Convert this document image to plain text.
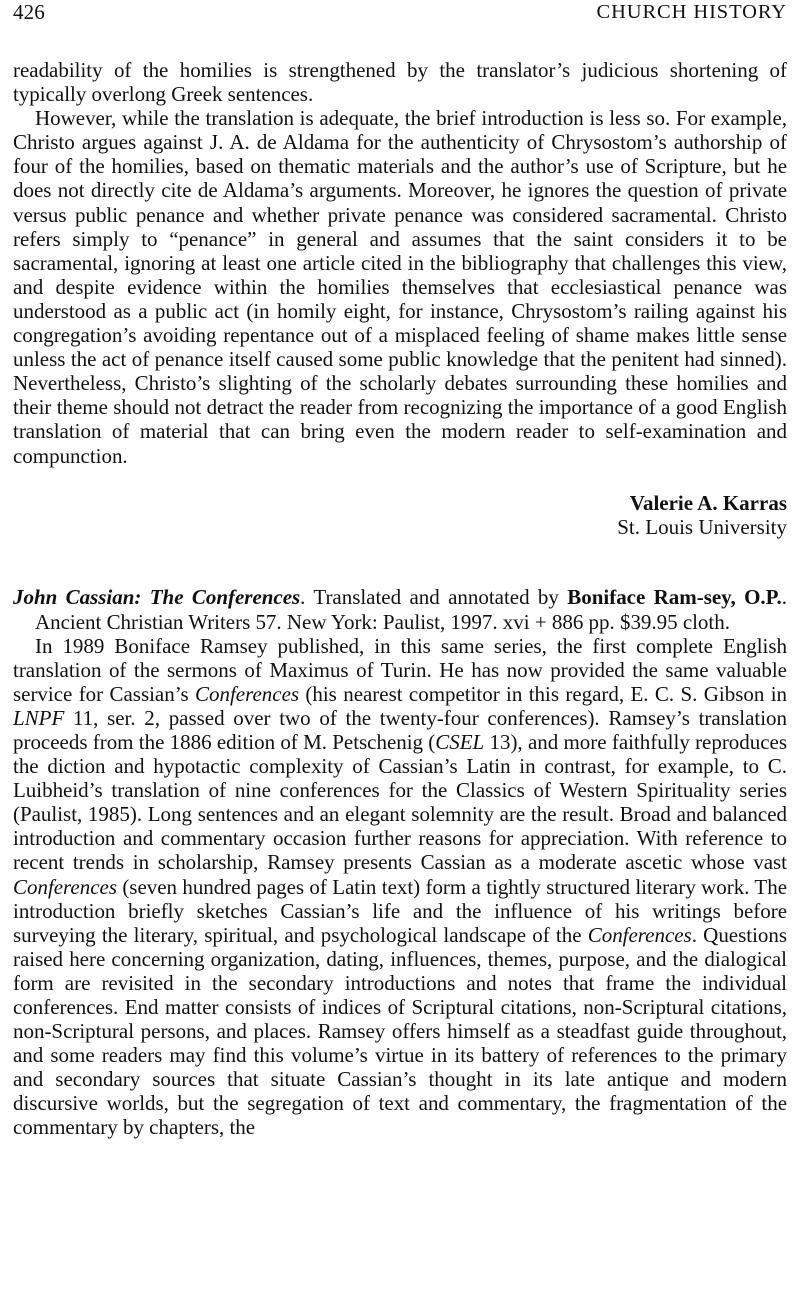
426	CHURCH HISTORY

readability of the homilies is strengthened by the translator’s judicious shortening of typically overlong Greek sentences.

However, while the translation is adequate, the brief introduction is less so. For example, Christo argues against J. A. de Aldama for the authenticity of Chrysostom’s authorship of four of the homilies, based on thematic materials and the author’s use of Scripture, but he does not directly cite de Aldama’s arguments. Moreover, he ignores the question of private versus public penance and whether private penance was considered sacramental. Christo refers simply to “penance” in general and assumes that the saint considers it to be sacramental, ignoring at least one article cited in the bibliography that challenges this view, and despite evidence within the homilies themselves that ecclesiastical penance was understood as a public act (in homily eight, for instance, Chrysostom’s railing against his congregation’s avoiding repentance out of a misplaced feeling of shame makes little sense unless the act of penance itself caused some public knowledge that the penitent had sinned). Nevertheless, Christo’s slighting of the scholarly debates surrounding these homilies and their theme should not detract the reader from recognizing the importance of a good English translation of material that can bring even the modern reader to self-examination and compunction.

Valerie A. Karras
St. Louis University
John Cassian: The Conferences. Translated and annotated by Boniface Ram-sey, O.P.. Ancient Christian Writers 57. New York: Paulist, 1997. xvi + 886 pp. $39.95 cloth.

In 1989 Boniface Ramsey published, in this same series, the first complete English translation of the sermons of Maximus of Turin. He has now provided the same valuable service for Cassian’s Conferences (his nearest competitor in this regard, E. C. S. Gibson in LNPF 11, ser. 2, passed over two of the twenty-four conferences). Ramsey’s translation proceeds from the 1886 edition of M. Petschenig (CSEL 13), and more faithfully reproduces the diction and hypotactic complexity of Cassian’s Latin in contrast, for example, to C. Luibheid’s translation of nine conferences for the Classics of Western Spirituality series (Paulist, 1985). Long sentences and an elegant solemnity are the result. Broad and balanced introduction and commentary occasion further reasons for appreciation. With reference to recent trends in scholarship, Ramsey presents Cassian as a moderate ascetic whose vast Conferences (seven hundred pages of Latin text) form a tightly structured literary work. The introduction briefly sketches Cassian’s life and the influence of his writings before surveying the literary, spiritual, and psychological landscape of the Conferences. Questions raised here concerning organization, dating, influences, themes, purpose, and the dialogical form are revisited in the secondary introductions and notes that frame the individual conferences. End matter consists of indices of Scriptural citations, non-Scriptural citations, non-Scriptural persons, and places. Ramsey offers himself as a steadfast guide throughout, and some readers may find this volume’s virtue in its battery of references to the primary and secondary sources that situate Cassian’s thought in its late antique and modern discursive worlds, but the segregation of text and commentary, the fragmentation of the commentary by chapters, the
